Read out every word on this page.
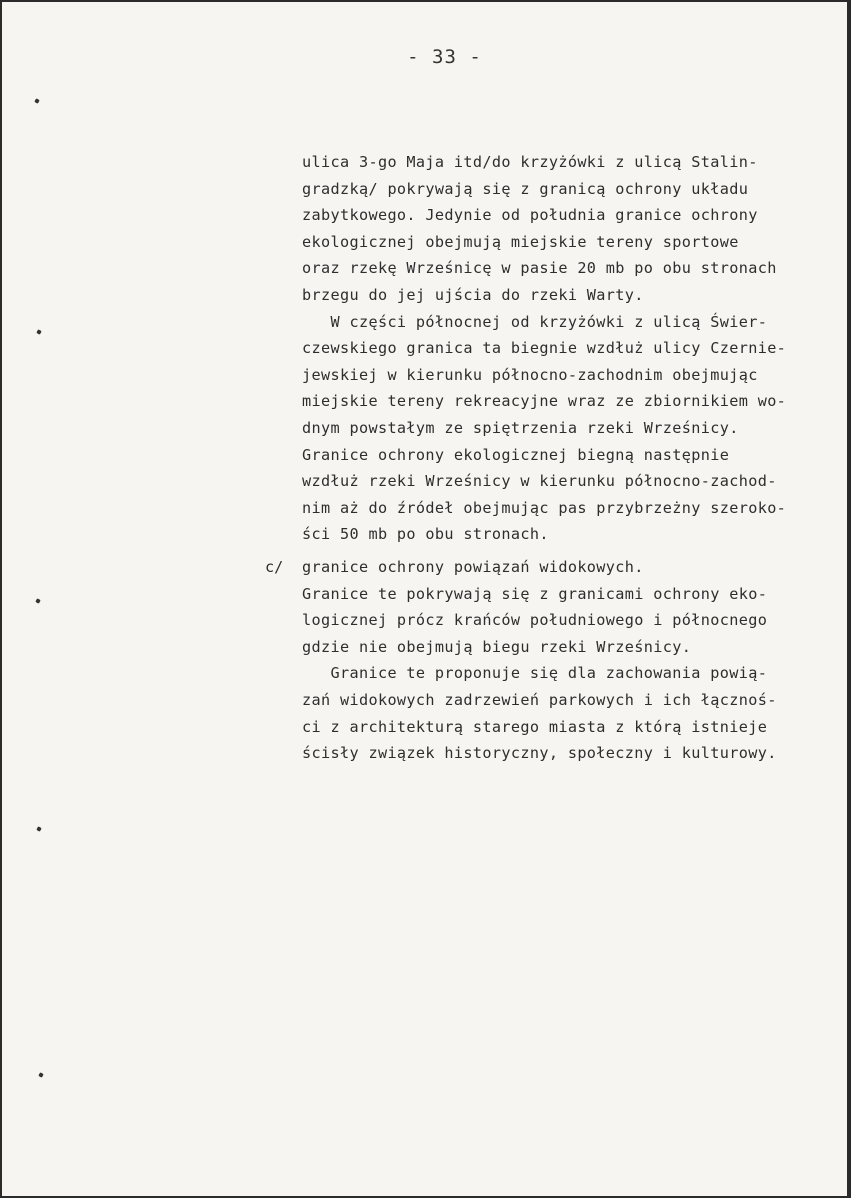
- 33 -
ulica 3-go Maja itd/do krzyżówki z ulicą Stalin-
gradzką/ pokrywają się z granicą ochrony układu
zabytkowego. Jedynie od południa granice ochrony
ekologicznej obejmują miejskie tereny sportowe
oraz rzekę Wrześnicę w pasie 20 mb po obu stronach
brzegu do jej ujścia do rzeki Warty.
W części północnej od krzyżówki z ulicą Świer-
czewskiego granica ta biegnie wzdłuż ulicy Czernie-
jewskiej w kierunku północno-zachodnim obejmując
miejskie tereny rekreacyjne wraz ze zbiornikiem wo-
dnym powstałym ze spiętrzenia rzeki Wrześnicy.
Granice ochrony ekologicznej biegną następnie
wzdłuż rzeki Wrześnicy w kierunku północno-zachod-
nim aż do źródeł obejmując pas przybrzeżny szeroko-
ści 50 mb po obu stronach.
c/ granice ochrony powiązań widokowych.
Granice te pokrywają się z granicami ochrony eko-
logicznej prócz krańców południowego i północnego
gdzie nie obejmują biegu rzeki Wrześnicy.
Granice te proponuje się dla zachowania powią-
zań widokowych zadrzewień parkowych i ich łącznoś-
ci z architekturą starego miasta z którą istnieje
ścisły związek historyczny, społeczny i kulturowy.
